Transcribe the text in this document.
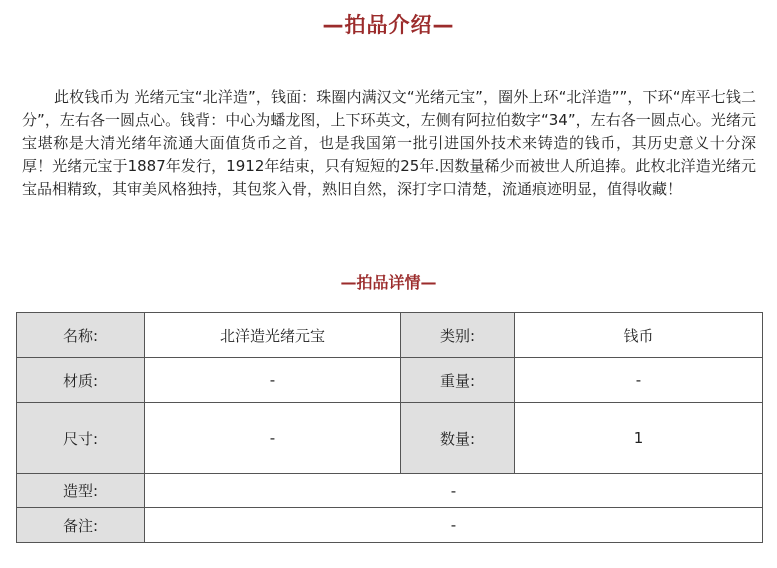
—拍品介绍—

此枚钱币为 光绪元宝“北洋造”，钱面：珠圈内满汉文“光绪元宝”，圈外上环“北洋造””，下环“库平七钱二分”，左右各一圆点心。钱背：中心为蟠龙图，上下环英文，左侧有阿拉伯数字“34”，左右各一圆点心。光绪元宝堪称是大清光绪年流通大面值货币之首，也是我国第一批引进国外技术来铸造的钱币，其历史意义十分深厚！光绪元宝于1887年发行，1912年结束，只有短短的25年.因数量稀少而被世人所追捧。此枚北洋造光绪元宝品相精致，其审美风格独持，其包浆入骨，熟旧自然，深打字口清楚，流通痕迹明显，值得收藏！

—拍品详情—
名称:	北洋造光绪元宝	类别:	钱币
材质:	-	重量:	-
尺寸:	-	数量:	1
造型:	-		
备注:	-		
